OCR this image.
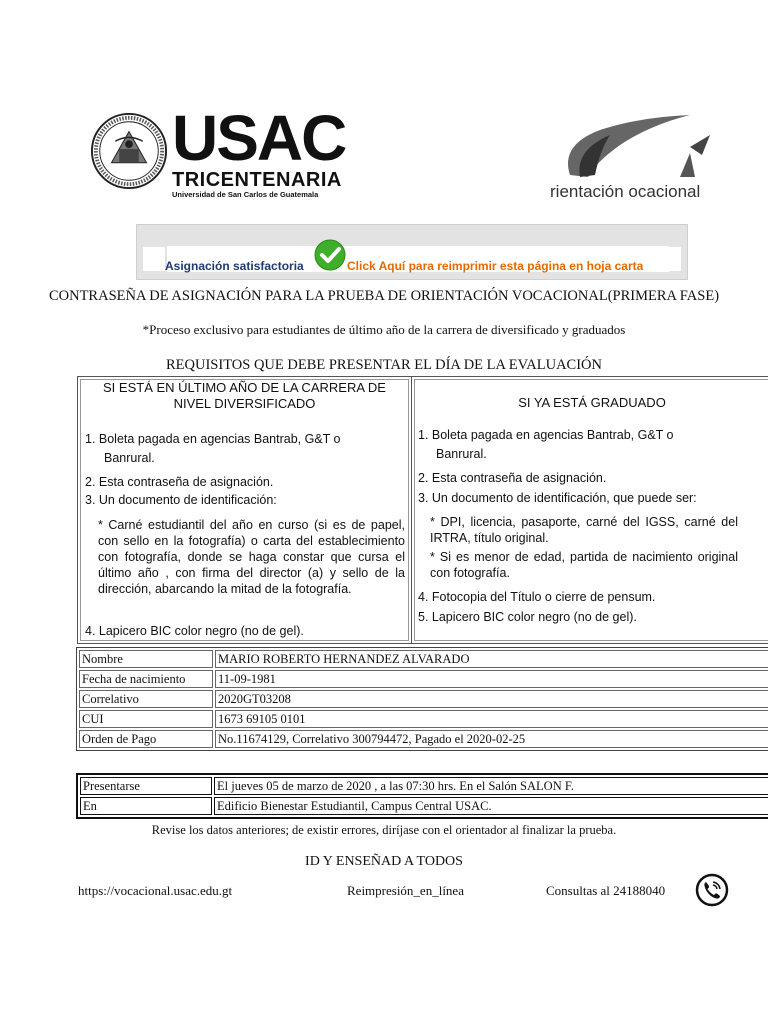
USAC
TRICENTENARIA
Universidad de San Carlos de Guatemala	rientación ocacional
Asignación satisfactoria	Click Aquí para reimprimir esta página en hoja carta
CONTRASEÑA DE ASIGNACIÓN PARA LA PRUEBA DE ORIENTACIÓN VOCACIONAL(PRIMERA FASE)
*Proceso exclusivo para estudiantes de último año de la carrera de diversificado y graduados
REQUISITOS QUE DEBE PRESENTAR EL DÍA DE LA EVALUACIÓN
SI ESTÁ EN ÚLTIMO AÑO DE LA CARRERA DE
NIVEL DIVERSIFICADO
1. Boleta pagada en agencias Bantrab, G&T o
Banrural.
2. Esta contraseña de asignación.
3. Un documento de identificación:
* Carné estudiantil del año en curso (si es de papel, con sello en la fotografía) o carta del establecimiento con fotografía, donde se haga constar que cursa el último año , con firma del director (a) y sello de la dirección, abarcando la mitad de la fotografía.
4. Lapicero BIC color negro (no de gel).
SI YA ESTÁ GRADUADO
1. Boleta pagada en agencias Bantrab, G&T o
Banrural.
2. Esta contraseña de asignación.
3. Un documento de identificación, que puede ser:
* DPI, licencia, pasaporte, carné del IGSS, carné del IRTRA, título original.
* Si es menor de edad, partida de nacimiento original con fotografía.
4. Fotocopia del Título o cierre de pensum.
5. Lapicero BIC color negro (no de gel).
Nombre	MARIO ROBERTO HERNANDEZ ALVARADO
Fecha de nacimiento	11-09-1981
Correlativo	2020GT03208
CUI	1673 69105 0101
Orden de Pago	No.11674129, Correlativo 300794472, Pagado el 2020-02-25
Presentarse	El jueves 05 de marzo de 2020 , a las 07:30 hrs. En el Salón SALON F.
En	Edificio Bienestar Estudiantil, Campus Central USAC.
Revise los datos anteriores; de existir errores, diríjase con el orientador al finalizar la prueba.
ID Y ENSEÑAD A TODOS
https://vocacional.usac.edu.gt	Reimpresión_en_línea	Consultas al 24188040
